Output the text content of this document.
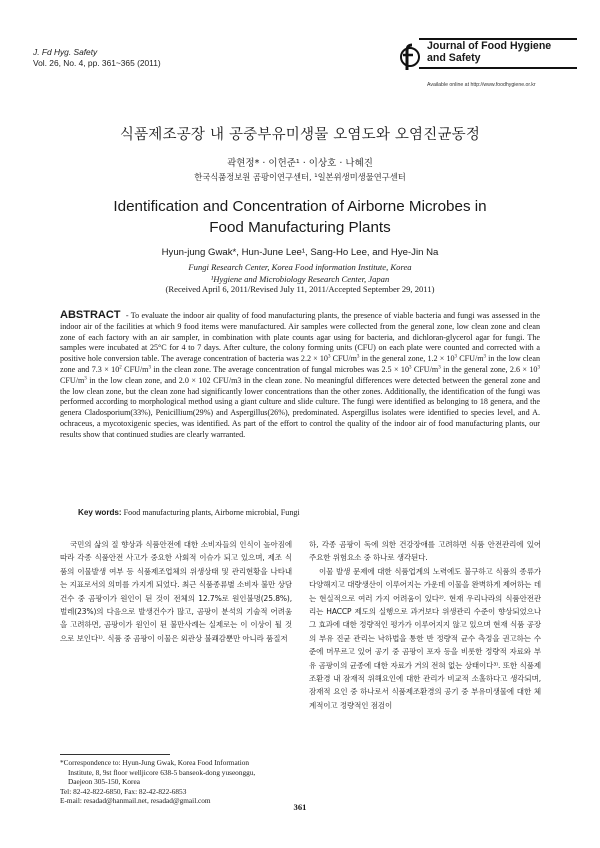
J. Fd Hyg. Safety
Vol. 26, No. 4, pp. 361~365 (2011)
Journal of Food Hygiene
and Safety
Available online at http://www.foodhygiene.or.kr
식품제조공장 내 공중부유미생물 오염도와 오염진균동정
곽현정* · 이헌준¹ · 이상호 · 나혜진
한국식품정보원 곰팡이연구센터, ¹일본위생미생물연구센터
Identification and Concentration of Airborne Microbes in
Food Manufacturing Plants
Hyun-jung Gwak*, Hun-June Lee¹, Sang-Ho Lee, and Hye-Jin Na
Fungi Research Center, Korea Food information Institute, Korea
¹Hygiene and Microbiology Research Center, Japan
(Received April 6, 2011/Revised July 11, 2011/Accepted September 29, 2011)
ABSTRACT - To evaluate the indoor air quality of food manufacturing plants, the presence of viable bacteria and fungi was assessed in the indoor air of the facilities at which 9 food items were manufactured. Air samples were collected from the general zone, low clean zone and clean zone of each factory with an air sampler, in combination with plate counts agar using for bacteria, and dichloran-glycerol agar for fungi. The samples were incubated at 25°C for 4 to 7 days. After culture, the colony forming units (CFU) on each plate were counted and corrected with a positive hole conversion table. The average concentration of bacteria was $2.2 \times 10^3$ CFU/$m^3$ in the general zone, $1.2 \times 10^3$ CFU/$m^3$ in the low clean zone and $7.3 \times 10^2$ CFU/$m^3$ in the clean zone. The average concentration of fungal microbes was $2.5 \times 10^3$ CFU/$m^3$ in the general zone, $2.6 \times 10^3$ CFU/$m^3$ in the low clean zone, and 2.0 × 102 CFU/m3 in the clean zone. No meaningful differences were detected between the general zone and the low clean zone, but the clean zone had significantly lower concentrations than the other zones. Additionally, the identification of the fungi was performed according to morphological method using a giant culture and slide culture. The fungi were identified as belonging to 18 genera, and the genera Cladosporium(33%), Penicillium(29%) and Aspergillus(26%), predominated. Aspergillus isolates were identified to species level, and A. ochraceus, a mycotoxigenic species, was identified. As part of the effort to control the quality of the indoor air of food manufacturing plants, our results show that continued studies are clearly warranted.
Key words: Food manufacturing plants, Airborne microbial, Fungi

국민의 삶의 질 향상과 식품안전에 대한 소비자들의 인식이 높아짐에 따라 각종 식품안전 사고가 중요한 사회적 이슈가 되고 있으며, 제조 식품의 이물발생 여부 등 식품제조업체의 위생상태 및 관리현황을 나타내는 지표로서의 의미를 가지게 되었다. 최근 식품종류별 소비자 불만 상담 건수 중 곰팡이가 원인이 된 것이 전체의 12.7%로 원인불명(25.8%), 벌레(23%)의 다음으로 발생건수가 많고, 곰팡이 분석의 기술적 어려움을 고려하면, 곰팡이가 원인이 된 불만사례는 실제로는 이 이상이 될 것으로 보인다¹⁾. 식품 중 곰팡이 이물은 외관상 불쾌감뿐만 아니라 품질저

하, 각종 곰팡이 독에 의한 건강장애를 고려하면 식품 안전관리에 있어 주요한 위험요소 중 하나로 생각된다.

이물 발생 문제에 대한 식품업계의 노력에도 불구하고 식품의 종류가 다양해지고 대량생산이 이루어지는 가운데 이물을 완벽하게 제어하는 데는 현실적으로 여러 가지 어려움이 있다²⁾. 현재 우리나라의 식품안전관리는 HACCP 제도의 실행으로 과거보다 위생관리 수준이 향상되었으나 그 효과에 대한 정량적인 평가가 이루어지지 않고 있으며 현재 식품 공장의 부유 진균 관리는 낙하법을 통한 반 정량적 균수 측정을 권고하는 수준에 머무르고 있어 공기 중 곰팡이 포자 등을 비롯한 정량적 자료와 부유 곰팡이의 균종에 대한 자료가 거의 전혀 없는 상태이다³⁾. 또한 식품제조환경 내 잠재적 위해요인에 대한 관리가 비교적 소홀하다고 생각되며, 잠재적 요인 중 하나로서 식품제조환경의 공기 중 부유미생물에 대한 체계적이고 정량적인 점검이

*Correspondence to: Hyun-Jung Gwak, Korea Food Information
Institute, 8, 9st floor welljicore 638-5 banseok-dong yuseonggu,
Daejeon 305-150, Korea
Tel: 82-42-822-6850, Fax: 82-42-822-6853
E-mail: resadad@hanmail.net, resadad@gmail.com
361
